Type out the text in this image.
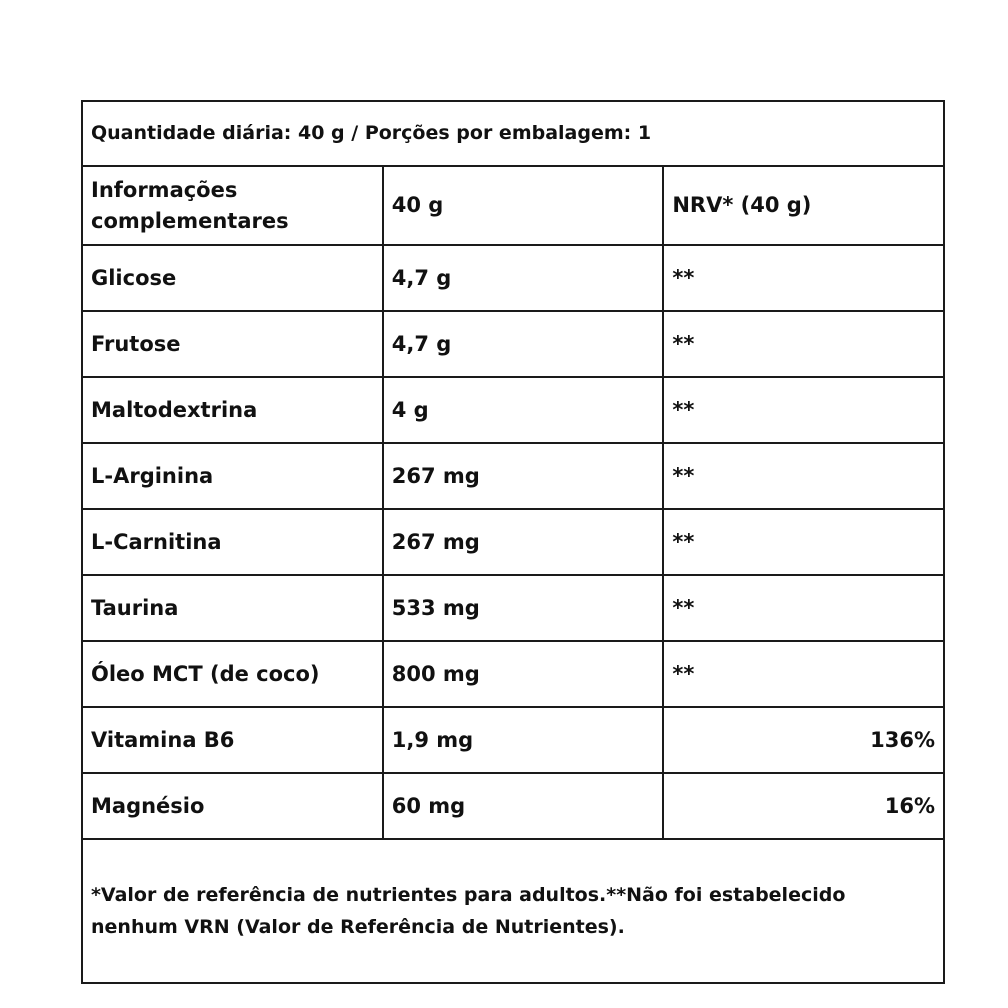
Quantidade diária: 40 g / Porções por embalagem: 1		
Informações complementares	40 g	NRV* (40 g)
Glicose	4,7 g	**
Frutose	4,7 g	**
Maltodextrina	4 g	**
L-Arginina	267 mg	**
L-Carnitina	267 mg	**
Taurina	533 mg	**
Óleo MCT (de coco)	800 mg	**
Vitamina B6	1,9 mg	136%
Magnésio	60 mg	16%
*Valor de referência de nutrientes para adultos.**Não foi estabelecido nenhum VRN (Valor de Referência de Nutrientes).		
